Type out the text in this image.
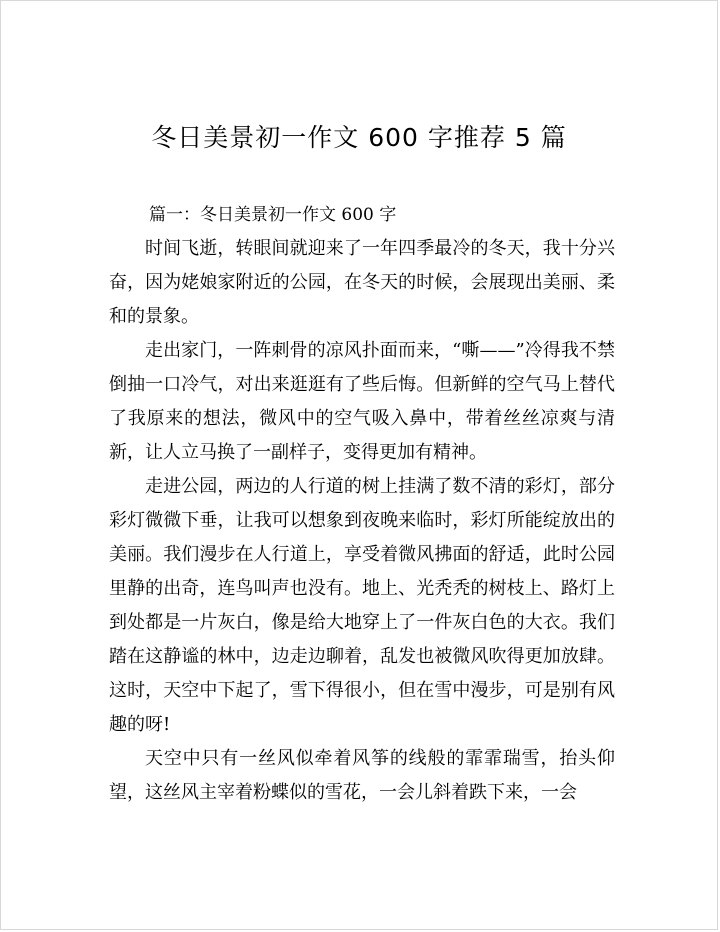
冬日美景初一作文 600 字推荐 5 篇
篇一：冬日美景初一作文 600 字

时间飞逝，转眼间就迎来了一年四季最冷的冬天，我十分兴奋，因为姥娘家附近的公园，在冬天的时候，会展现出美丽、柔和的景象。

走出家门，一阵刺骨的凉风扑面而来，“嘶——”冷得我不禁倒抽一口冷气，对出来逛逛有了些后悔。但新鲜的空气马上替代了我原来的想法，微风中的空气吸入鼻中，带着丝丝凉爽与清新，让人立马换了一副样子，变得更加有精神。

走进公园，两边的人行道的树上挂满了数不清的彩灯，部分彩灯微微下垂，让我可以想象到夜晚来临时，彩灯所能绽放出的美丽。我们漫步在人行道上，享受着微风拂面的舒适，此时公园里静的出奇，连鸟叫声也没有。地上、光秃秃的树枝上、路灯上到处都是一片灰白，像是给大地穿上了一件灰白色的大衣。我们踏在这静谧的林中，边走边聊着，乱发也被微风吹得更加放肆。这时，天空中下起了，雪下得很小，但在雪中漫步，可是别有风趣的呀!

天空中只有一丝风似牵着风筝的线般的霏霏瑞雪，抬头仰望，这丝风主宰着粉蝶似的雪花，一会儿斜着跌下来，一会
